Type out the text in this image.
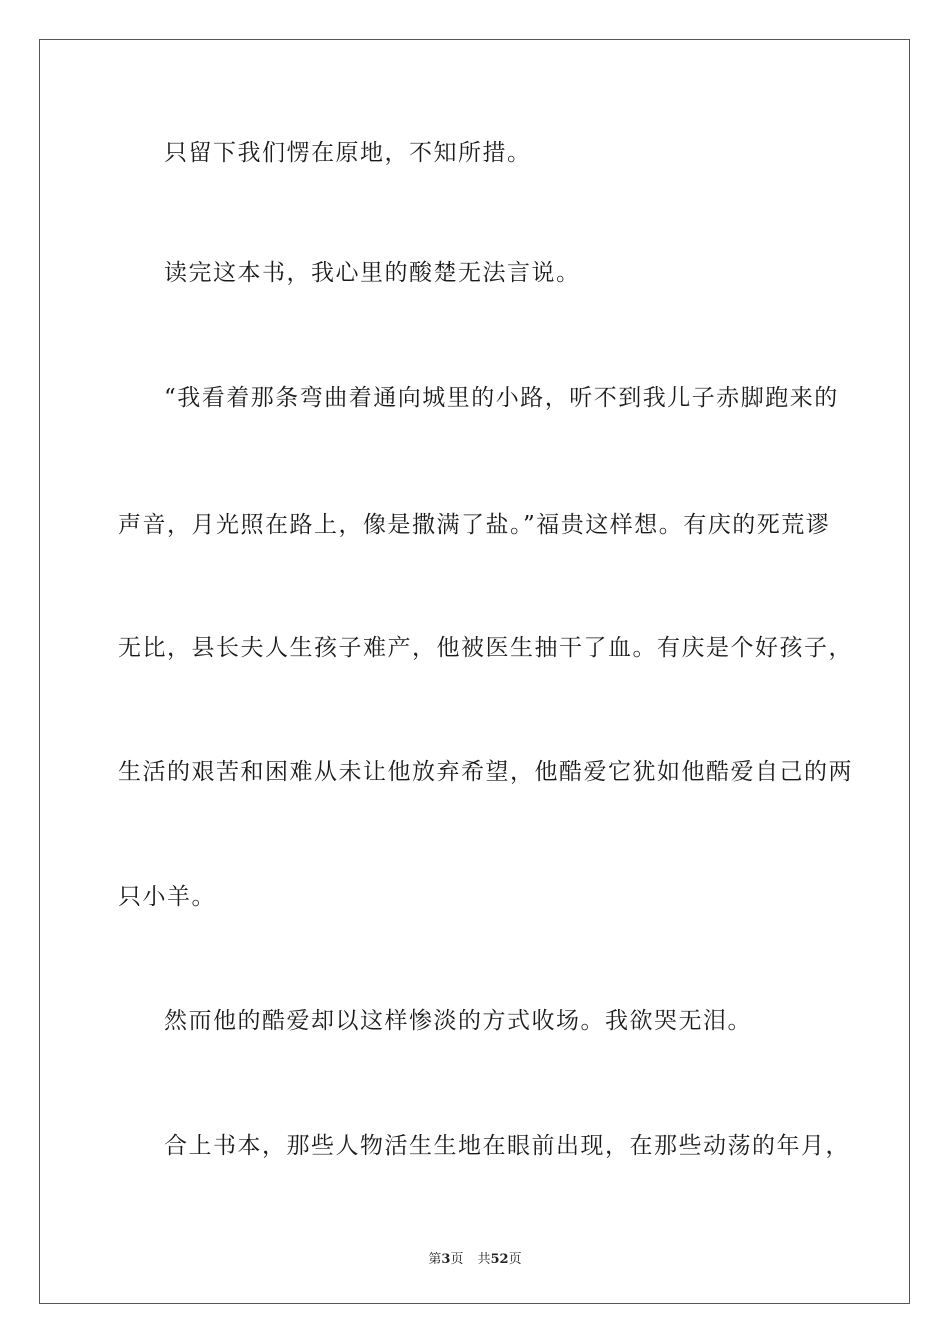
只留下我们愣在原地，不知所措。
读完这本书，我心里的酸楚无法言说。
“我看着那条弯曲着通向城里的小路，听不到我儿子赤脚跑来的
声音，月光照在路上，像是撒满了盐。”福贵这样想。有庆的死荒谬
无比，县长夫人生孩子难产，他被医生抽干了血。有庆是个好孩子，
生活的艰苦和困难从未让他放弃希望，他酷爱它犹如他酷爱自己的两
只小羊。
然而他的酷爱却以这样惨淡的方式收场。我欲哭无泪。
合上书本，那些人物活生生地在眼前出现，在那些动荡的年月，
第3页 共52页
